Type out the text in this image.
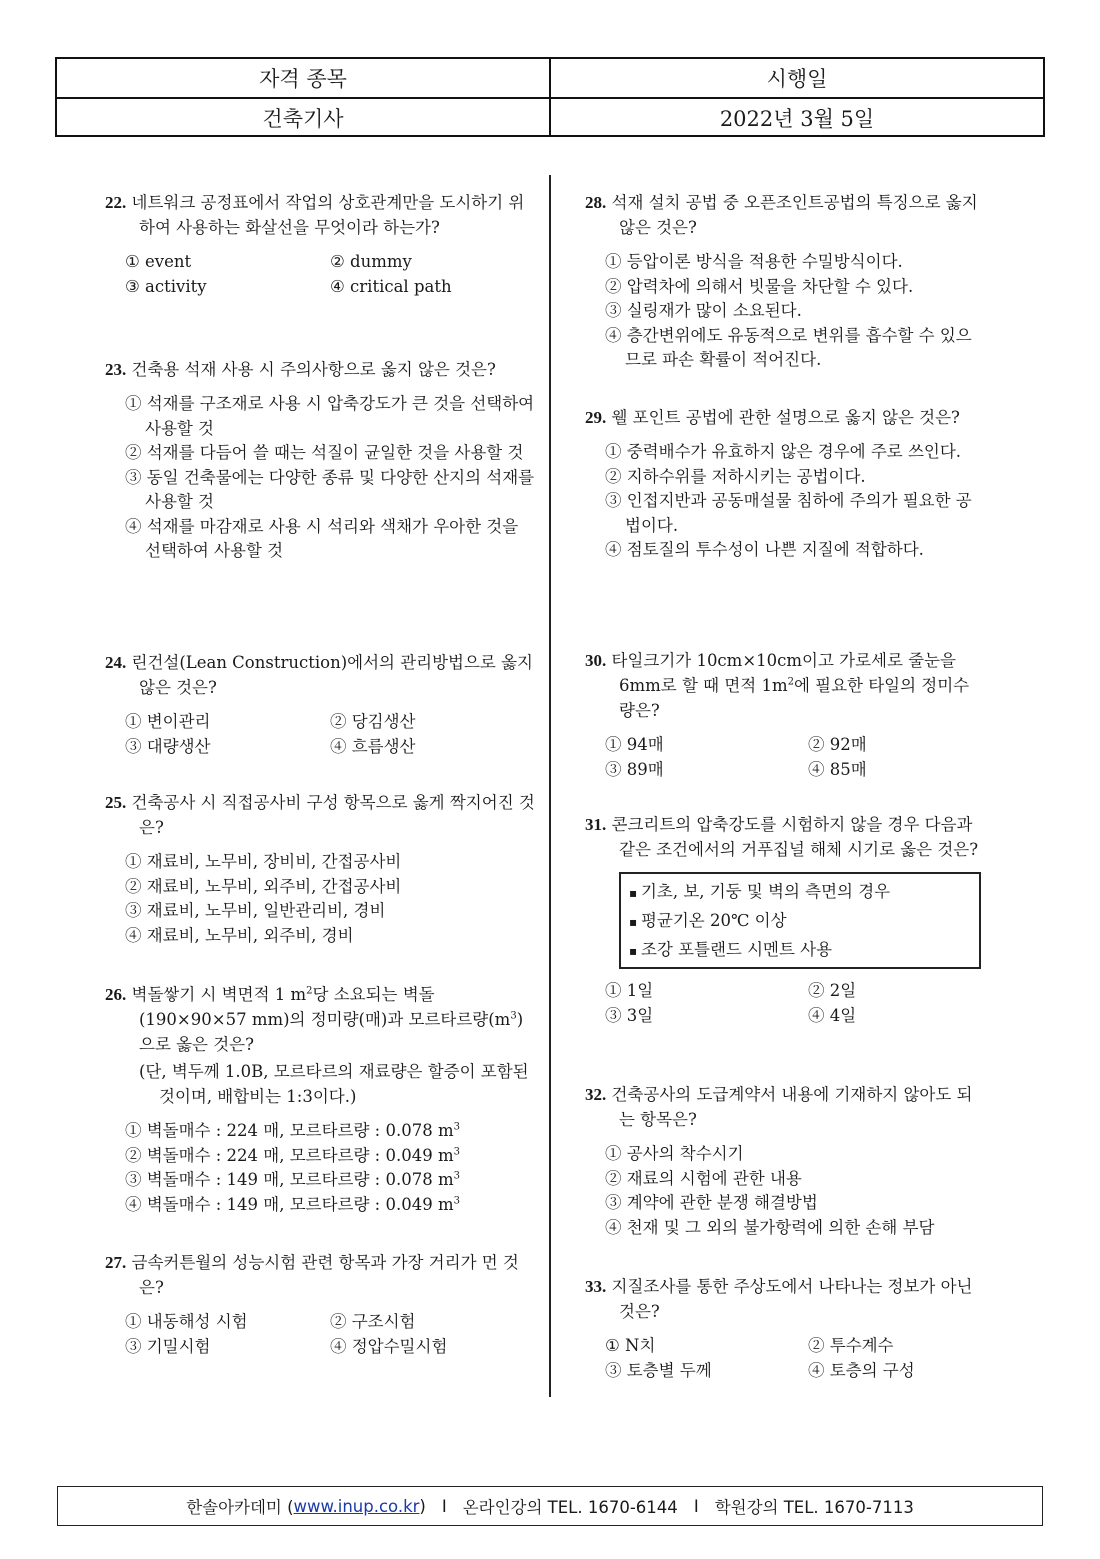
자격 종목	시행일
건축기사	2022년 3월 5일
22. 네트워크 공정표에서 작업의 상호관계만을 도시하기 위하여 사용하는 화살선을 무엇이라 하는가?
① event	② dummy
③ activity	④ critical path
23. 건축용 석재 사용 시 주의사항으로 옳지 않은 것은?
① 석재를 구조재로 사용 시 압축강도가 큰 것을 선택하여 사용할 것
② 석재를 다듬어 쓸 때는 석질이 균일한 것을 사용할 것
③ 동일 건축물에는 다양한 종류 및 다양한 산지의 석재를 사용할 것
④ 석재를 마감재로 사용 시 석리와 색채가 우아한 것을 선택하여 사용할 것
24. 린건설(Lean Construction)에서의 관리방법으로 옳지 않은 것은?
① 변이관리	② 당김생산
③ 대량생산	④ 흐름생산
25. 건축공사 시 직접공사비 구성 항목으로 옳게 짝지어진 것은?
① 재료비, 노무비, 장비비, 간접공사비
② 재료비, 노무비, 외주비, 간접공사비
③ 재료비, 노무비, 일반관리비, 경비
④ 재료비, 노무비, 외주비, 경비
26. 벽돌쌓기 시 벽면적 1 $m^2$당 소요되는 벽돌(190×90×57 mm)의 정미량(매)과 모르타르량$(m^3)$으로 옳은 것은?
(단, 벽두께 1.0B, 모르타르의 재료량은 할증이 포함된 것이며, 배합비는 1:3이다.)
① 벽돌매수 : 224 매, 모르타르량 : 0.078 $m^3$
② 벽돌매수 : 224 매, 모르타르량 : 0.049 $m^3$
③ 벽돌매수 : 149 매, 모르타르량 : 0.078 $m^3$
④ 벽돌매수 : 149 매, 모르타르량 : 0.049 $m^3$
27. 금속커튼월의 성능시험 관련 항목과 가장 거리가 먼 것은?
① 내동해성 시험	② 구조시험
③ 기밀시험	④ 정압수밀시험
28. 석재 설치 공법 중 오픈조인트공법의 특징으로 옳지 않은 것은?
① 등압이론 방식을 적용한 수밀방식이다.
② 압력차에 의해서 빗물을 차단할 수 있다.
③ 실링재가 많이 소요된다.
④ 층간변위에도 유동적으로 변위를 흡수할 수 있으므로 파손 확률이 적어진다.
29. 웰 포인트 공법에 관한 설명으로 옳지 않은 것은?
① 중력배수가 유효하지 않은 경우에 주로 쓰인다.
② 지하수위를 저하시키는 공법이다.
③ 인접지반과 공동매설물 침하에 주의가 필요한 공법이다.
④ 점토질의 투수성이 나쁜 지질에 적합하다.
30. 타일크기가 10cm×10cm이고 가로세로 줄눈을 6mm로 할 때 면적 $1m^2$에 필요한 타일의 정미수량은?
① 94매	② 92매
③ 89매	④ 85매
31. 콘크리트의 압축강도를 시험하지 않을 경우 다음과 같은 조건에서의 거푸집널 해체 시기로 옳은 것은?
▪ 기초, 보, 기둥 및 벽의 측면의 경우
▪ 평균기온 20℃ 이상
▪ 조강 포틀랜드 시멘트 사용
① 1일	② 2일
③ 3일	④ 4일
32. 건축공사의 도급계약서 내용에 기재하지 않아도 되는 항목은?
① 공사의 착수시기
② 재료의 시험에 관한 내용
③ 계약에 관한 분쟁 해결방법
④ 천재 및 그 외의 불가항력에 의한 손해 부담
33. 지질조사를 통한 주상도에서 나타나는 정보가 아닌 것은?
① N치	② 투수계수
③ 토층별 두께	④ 토층의 구성
한솔아카데미 ( www.inup.co.kr ) I 온라인강의 TEL. 1670-6144 I 학원강의 TEL. 1670-7113
